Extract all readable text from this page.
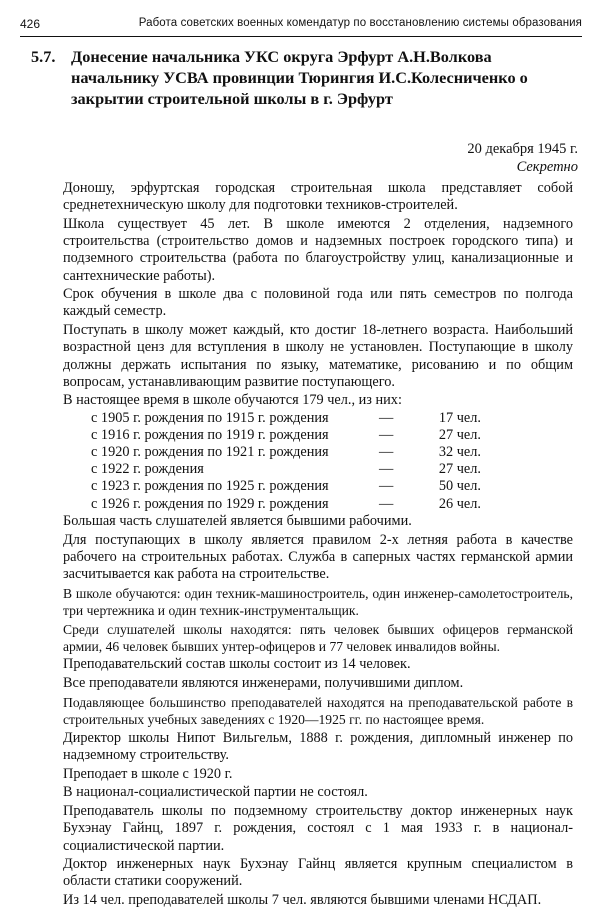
426	Работа советских военных комендатур по восстановлению системы образования
5.7. Донесение начальника УКС округа Эрфурт А.Н.Волкова начальнику УСВА провинции Тюрингия И.С.Колесниченко о закрытии строительной школы в г. Эрфурт
20 декабря 1945 г.
Секретно

Доношу, эрфуртская городская строительная школа представляет собой среднетехническую школу для подготовки техников-строителей.

Школа существует 45 лет. В школе имеются 2 отделения, надземного строительства (строительство домов и надземных построек городского типа) и подземного строительства (работа по благоустройству улиц, канализационные и сантехнические работы).

Срок обучения в школе два с половиной года или пять семестров по полгода каждый семестр.

Поступать в школу может каждый, кто достиг 18-летнего возраста. Наибольший возрастной ценз для вступления в школу не установлен. Поступающие в школу должны держать испытания по языку, математике, рисованию и по общим вопросам, устанавливающим развитие поступающего.

В настоящее время в школе обучаются 179 чел., из них:

с 1905 г. рождения по 1915 г. рождения	—	17 чел.
с 1916 г. рождения по 1919 г. рождения	—	27 чел.
с 1920 г. рождения по 1921 г. рождения	—	32 чел.
с 1922 г. рождения	—	27 чел.
с 1923 г. рождения по 1925 г. рождения	—	50 чел.
с 1926 г. рождения по 1929 г. рождения	—	26 чел.

Большая часть слушателей является бывшими рабочими.

Для поступающих в школу является правилом 2-х летняя работа в качестве рабочего на строительных работах. Служба в саперных частях германской армии засчитывается как работа на строительстве.

В школе обучаются: один техник-машиностроитель, один инженер-самолетостроитель, три чертежника и один техник-инструментальщик.

Среди слушателей школы находятся: пять человек бывших офицеров германской армии, 46 человек бывших унтер-офицеров и 77 человек инвалидов войны.

Преподавательский состав школы состоит из 14 человек.

Все преподаватели являются инженерами, получившими диплом.

Подавляющее большинство преподавателей находятся на преподавательской работе в строительных учебных заведениях с 1920—1925 гг. по настоящее время.

Директор школы Нипот Вильгельм, 1888 г. рождения, дипломный инженер по надземному строительству.

Преподает в школе с 1920 г.

В национал-социалистической партии не состоял.

Преподаватель школы по подземному строительству доктор инженерных наук Бухэнау Гайнц, 1897 г. рождения, состоял с 1 мая 1933 г. в национал-социалистической партии.

Доктор инженерных наук Бухэнау Гайнц является крупным специалистом в области статики сооружений.

Из 14 чел. преподавателей школы 7 чел. являются бывшими членами НСДАП.
